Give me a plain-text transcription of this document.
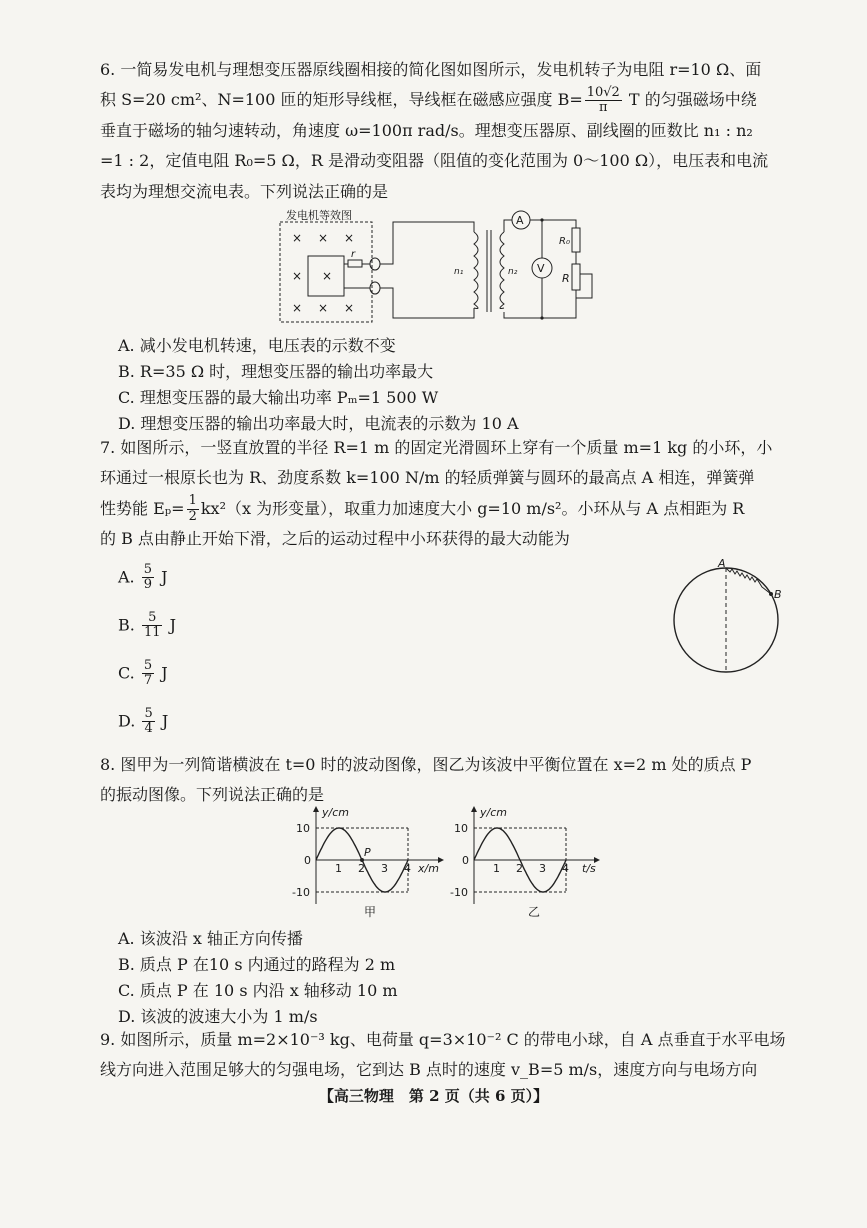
6. 一简易发电机与理想变压器原线圈相接的简化图如图所示，发电机转子为电阻 r=10 Ω、面

积 S=20 cm²、N=100 匝的矩形导线框，导线框在磁感应强度 $B= \frac{10√2}{\pi}$ T 的匀强磁场中绕

垂直于磁场的轴匀速转动，角速度 ω=100π rad/s。理想变压器原、副线圈的匝数比 n₁ : n₂

=1 : 2，定值电阻 R₀=5 Ω，R 是滑动变阻器（阻值的变化范围为 0～100 Ω），电压表和电流

表均为理想交流电表。下列说法正确的是

发电机等效图
× × ×
× ×
× × ×
r
n₁	n₂
A
R₀
R
V
A. 减小发电机转速，电压表的示数不变
B. R=35 Ω 时，理想变压器的输出功率最大
C. 理想变压器的最大输出功率 Pₘ=1 500 W
D. 理想变压器的输出功率最大时，电流表的示数为 10 A

7. 如图所示，一竖直放置的半径 R=1 m 的固定光滑圆环上穿有一个质量 m=1 kg 的小环，小

环通过一根原长也为 R、劲度系数 k=100 N/m 的轻质弹簧与圆环的最高点 A 相连，弹簧弹

性势能 $E_p= \frac{1}{2} kx^2(x$ 为形变量），取重力加速度大小 g=10 m/s²。小环从与 A 点相距为 R

的 B 点由静止开始下滑，之后的运动过程中小环获得的最大动能为

A. $\frac{5}{9}$ J
B. $\frac{5}{11}$ J
C. $\frac{5}{7}$ J
D. $\frac{5}{4}$ J
A
B

8. 图甲为一列简谐横波在 t=0 时的波动图像，图乙为该波中平衡位置在 x=2 m 处的质点 P

的振动图像。下列说法正确的是

y/cm
x/m
10
0
-10
1 2 3 4
P
甲
y/cm
t/s
10
0
-10
1 2 3 4
乙
A. 该波沿 x 轴正方向传播
B. 质点 P 在10 s 内通过的路程为 2 m
C. 质点 P 在 10 s 内沿 x 轴移动 10 m
D. 该波的波速大小为 1 m/s

9. 如图所示，质量 m=2×10⁻³ kg、电荷量 q=3×10⁻² C 的带电小球，自 A 点垂直于水平电场

线方向进入范围足够大的匀强电场，它到达 B 点时的速度 v_B=5 m/s，速度方向与电场方向

【高三物理　第 2 页（共 6 页）】
